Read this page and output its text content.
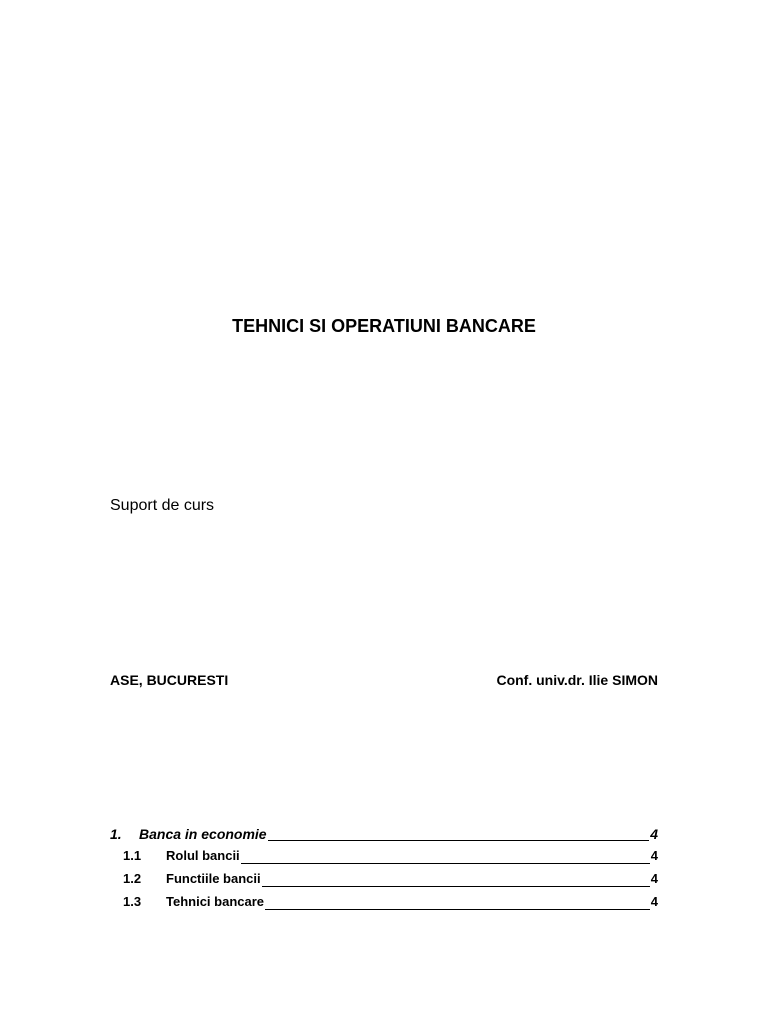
TEHNICI SI OPERATIUNI BANCARE
Suport de curs
ASE, BUCURESTI	Conf. univ.dr. Ilie SIMON
1.	Banca in economie	4
1.1	Rolul bancii	4
1.2	Functiile bancii	4
1.3	Tehnici bancare	4
